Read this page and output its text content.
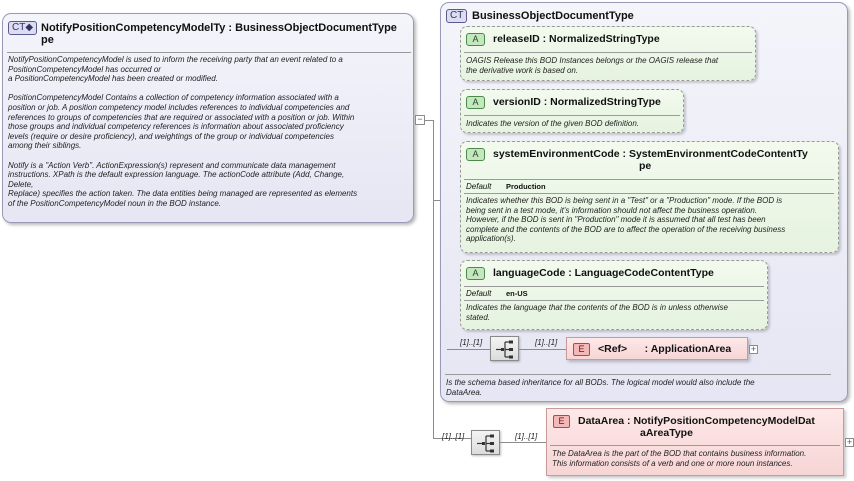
CT◆ NotifyPositionCompetencyModelTy : BusinessObjectDocumentType
pe
NotifyPositionCompetencyModel is used to inform the receiving party that an event related to a
PositionCompetencyModel has occurred or
a PositionCompetencyModel has been created or modified.
PositionCompetencyModel Contains a collection of competency information associated with a
position or job. A position competency model includes references to individual competencies and
references to groups of competencies that are required or associated with a position or job. Within
those groups and individual competency references is information about associated proficiency
levels (require or desire proficiency), and weightings of the group or individual competencies
among their siblings.
Notify is a "Action Verb". ActionExpression(s) represent and communicate data management
instructions. XPath is the default expression language. The actionCode attribute (Add, Change,
Delete,
Replace) specifies the action taken. The data entities being managed are represented as elements
of the PositionCompetencyModel noun in the BOD instance.
−
CT BusinessObjectDocumentType
Is the schema based inheritance for all BODs. The logical model would also include the
DataArea.
A	releaseID : NormalizedStringType
OAGIS Release this BOD Instances belongs or the OAGIS release that
the derivative work is based on.
A	versionID : NormalizedStringType
Indicates the version of the given BOD definition.
A	systemEnvironmentCode : SystemEnvironmentCodeContentTy
pe
Default Production
Indicates whether this BOD is being sent in a "Test" or a "Production" mode. If the BOD is
being sent in a test mode, it's information should not affect the business operation.
However, if the BOD is sent in "Production" mode it is assumed that all test has been
complete and the contents of the BOD are to affect the operation of the receiving business
application(s).
A	languageCode : LanguageCodeContentType
Default en-US
Indicates the language that the contents of the BOD is in unless otherwise
stated.
[1]..[1]	[1]..[1]
E	<Ref>      : ApplicationArea +
[1]..[1]	[1]..[1]
E	DataArea : NotifyPositionCompetencyModelDat
aAreaType
The DataArea is the part of the BOD that contains business information.
This information consists of a verb and one or more noun instances.
+
